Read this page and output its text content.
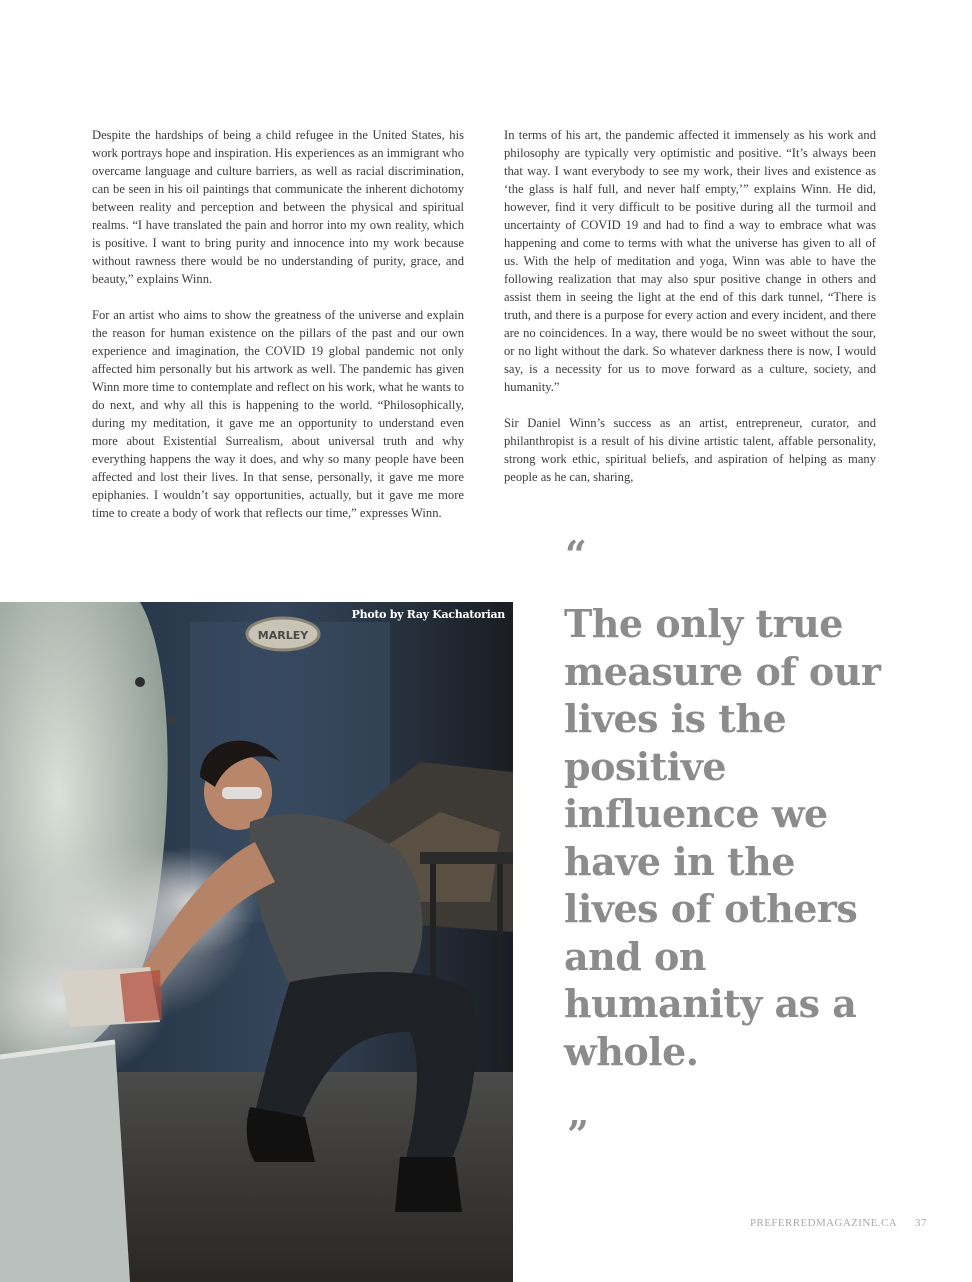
Despite the hardships of being a child refugee in the United States, his work portrays hope and inspiration. His experiences as an immigrant who overcame language and culture barriers, as well as racial discrimination, can be seen in his oil paintings that communicate the inherent dichotomy between reality and perception and between the physical and spiritual realms. “I have translated the pain and horror into my own reality, which is positive. I want to bring purity and innocence into my work because without rawness there would be no understanding of purity, grace, and beauty,” explains Winn.

For an artist who aims to show the greatness of the universe and explain the reason for human existence on the pillars of the past and our own experience and imagination, the COVID 19 global pandemic not only affected him personally but his artwork as well. The pandemic has given Winn more time to contemplate and reflect on his work, what he wants to do next, and why all this is happening to the world. “Philosophically, during my meditation, it gave me an opportunity to understand even more about Existential Surrealism, about universal truth and why everything happens the way it does, and why so many people have been affected and lost their lives. In that sense, personally, it gave me more epiphanies. I wouldn’t say opportunities, actually, but it gave me more time to create a body of work that reflects our time,” expresses Winn.

In terms of his art, the pandemic affected it immensely as his work and philosophy are typically very optimistic and positive. “It’s always been that way. I want everybody to see my work, their lives and existence as ‘the glass is half full, and never half empty,’” explains Winn. He did, however, find it very difficult to be positive during all the turmoil and uncertainty of COVID 19 and had to find a way to embrace what was happening and come to terms with what the universe has given to all of us. With the help of meditation and yoga, Winn was able to have the following realization that may also spur positive change in others and assist them in seeing the light at the end of this dark tunnel, “There is truth, and there is a purpose for every action and every incident, and there are no coincidences. In a way, there would be no sweet without the sour, or no light without the dark. So whatever darkness there is now, I would say, is a necessity for us to move forward as a culture, society, and humanity.”

Sir Daniel Winn’s success as an artist, entrepreneur, curator, and philanthropist is a result of his divine artistic talent, affable personality, strong work ethic, spiritual beliefs, and aspiration of helping as many people as he can, sharing,

MARLEY
Photo by Ray Kachatorian
“

The only true measure of our lives is the positive influence we have in the lives of others and on humanity as a whole.

”
PREFERREDMAGAZINE.CA 37
